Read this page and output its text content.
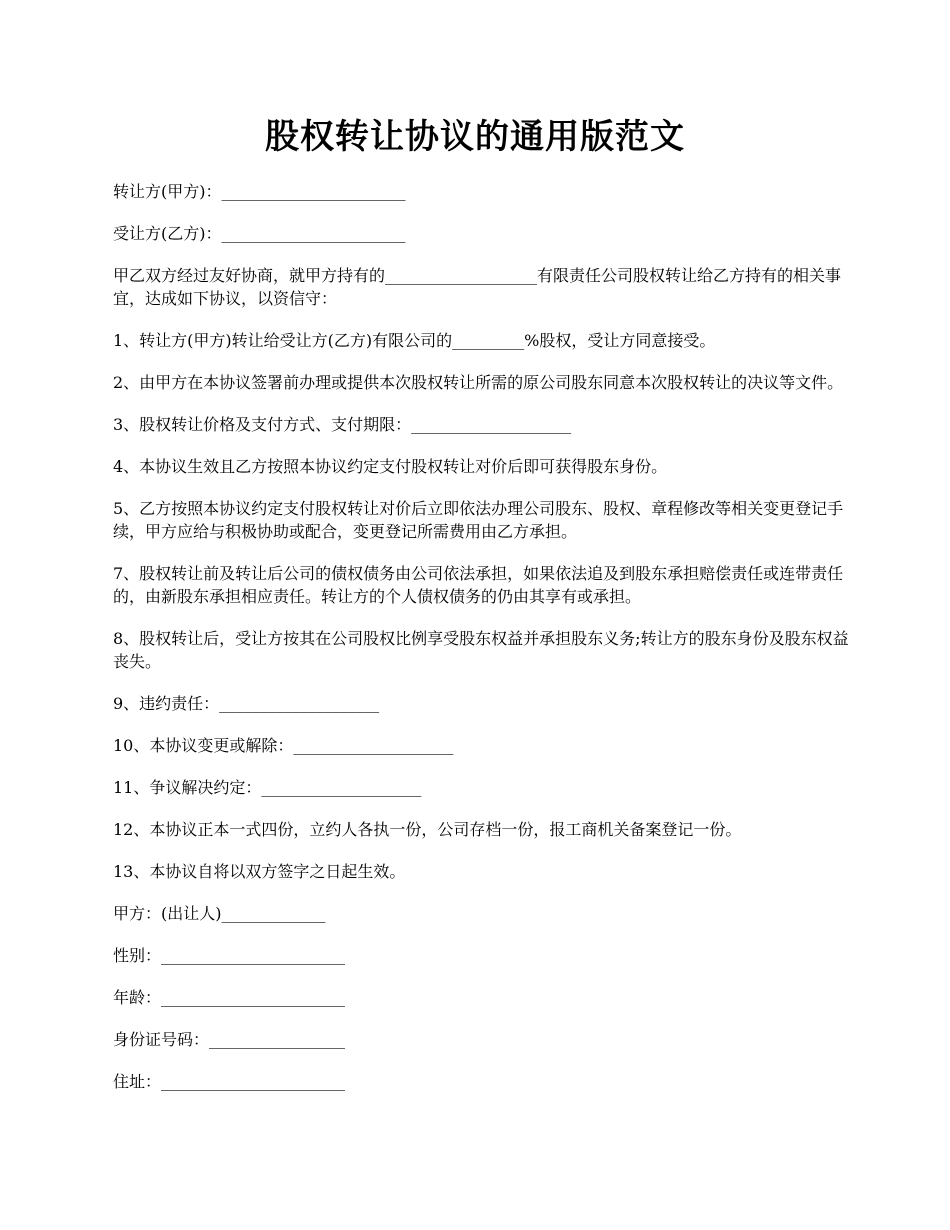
股权转让协议的通用版范文

转让方(甲方)：_______________________

受让方(乙方)：_______________________

甲乙双方经过友好协商，就甲方持有的___________________有限责任公司股权转让给乙方持有的相关事宜，达成如下协议，以资信守：

1、转让方(甲方)转让给受让方(乙方)有限公司的_________%股权，受让方同意接受。

2、由甲方在本协议签署前办理或提供本次股权转让所需的原公司股东同意本次股权转让的决议等文件。

3、股权转让价格及支付方式、支付期限：____________________

4、本协议生效且乙方按照本协议约定支付股权转让对价后即可获得股东身份。

5、乙方按照本协议约定支付股权转让对价后立即依法办理公司股东、股权、章程修改等相关变更登记手续，甲方应给与积极协助或配合，变更登记所需费用由乙方承担。

7、股权转让前及转让后公司的债权债务由公司依法承担，如果依法追及到股东承担赔偿责任或连带责任的，由新股东承担相应责任。转让方的个人债权债务的仍由其享有或承担。

8、股权转让后，受让方按其在公司股权比例享受股东权益并承担股东义务;转让方的股东身份及股东权益丧失。

9、违约责任：____________________

10、本协议变更或解除：____________________

11、争议解决约定：____________________

12、本协议正本一式四份，立约人各执一份，公司存档一份，报工商机关备案登记一份。

13、本协议自将以双方签字之日起生效。

甲方：(出让人)_____________

性别：_______________________

年龄：_______________________

身份证号码：_________________

住址：_______________________
